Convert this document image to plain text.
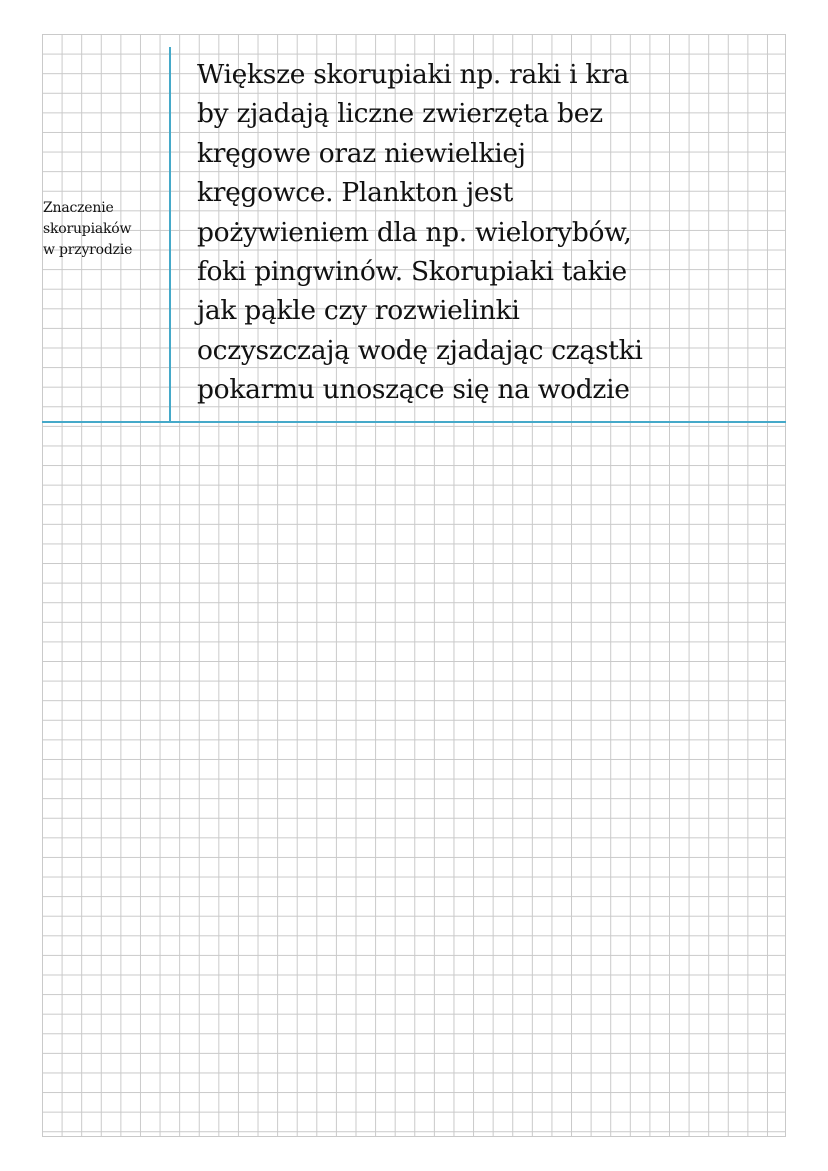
Znaczenie
skorupiaków
w przyrodzie
Większe skorupiaki np. raki i kra
by zjadają liczne zwierzęta bez
kręgowe oraz niewielkiej
kręgowce. Plankton jest
pożywieniem dla np. wielorybów,
foki pingwinów. Skorupiaki takie
jak pąkle czy rozwielinki
oczyszczają wodę zjadając cząstki
pokarmu unoszące się na wodzie
